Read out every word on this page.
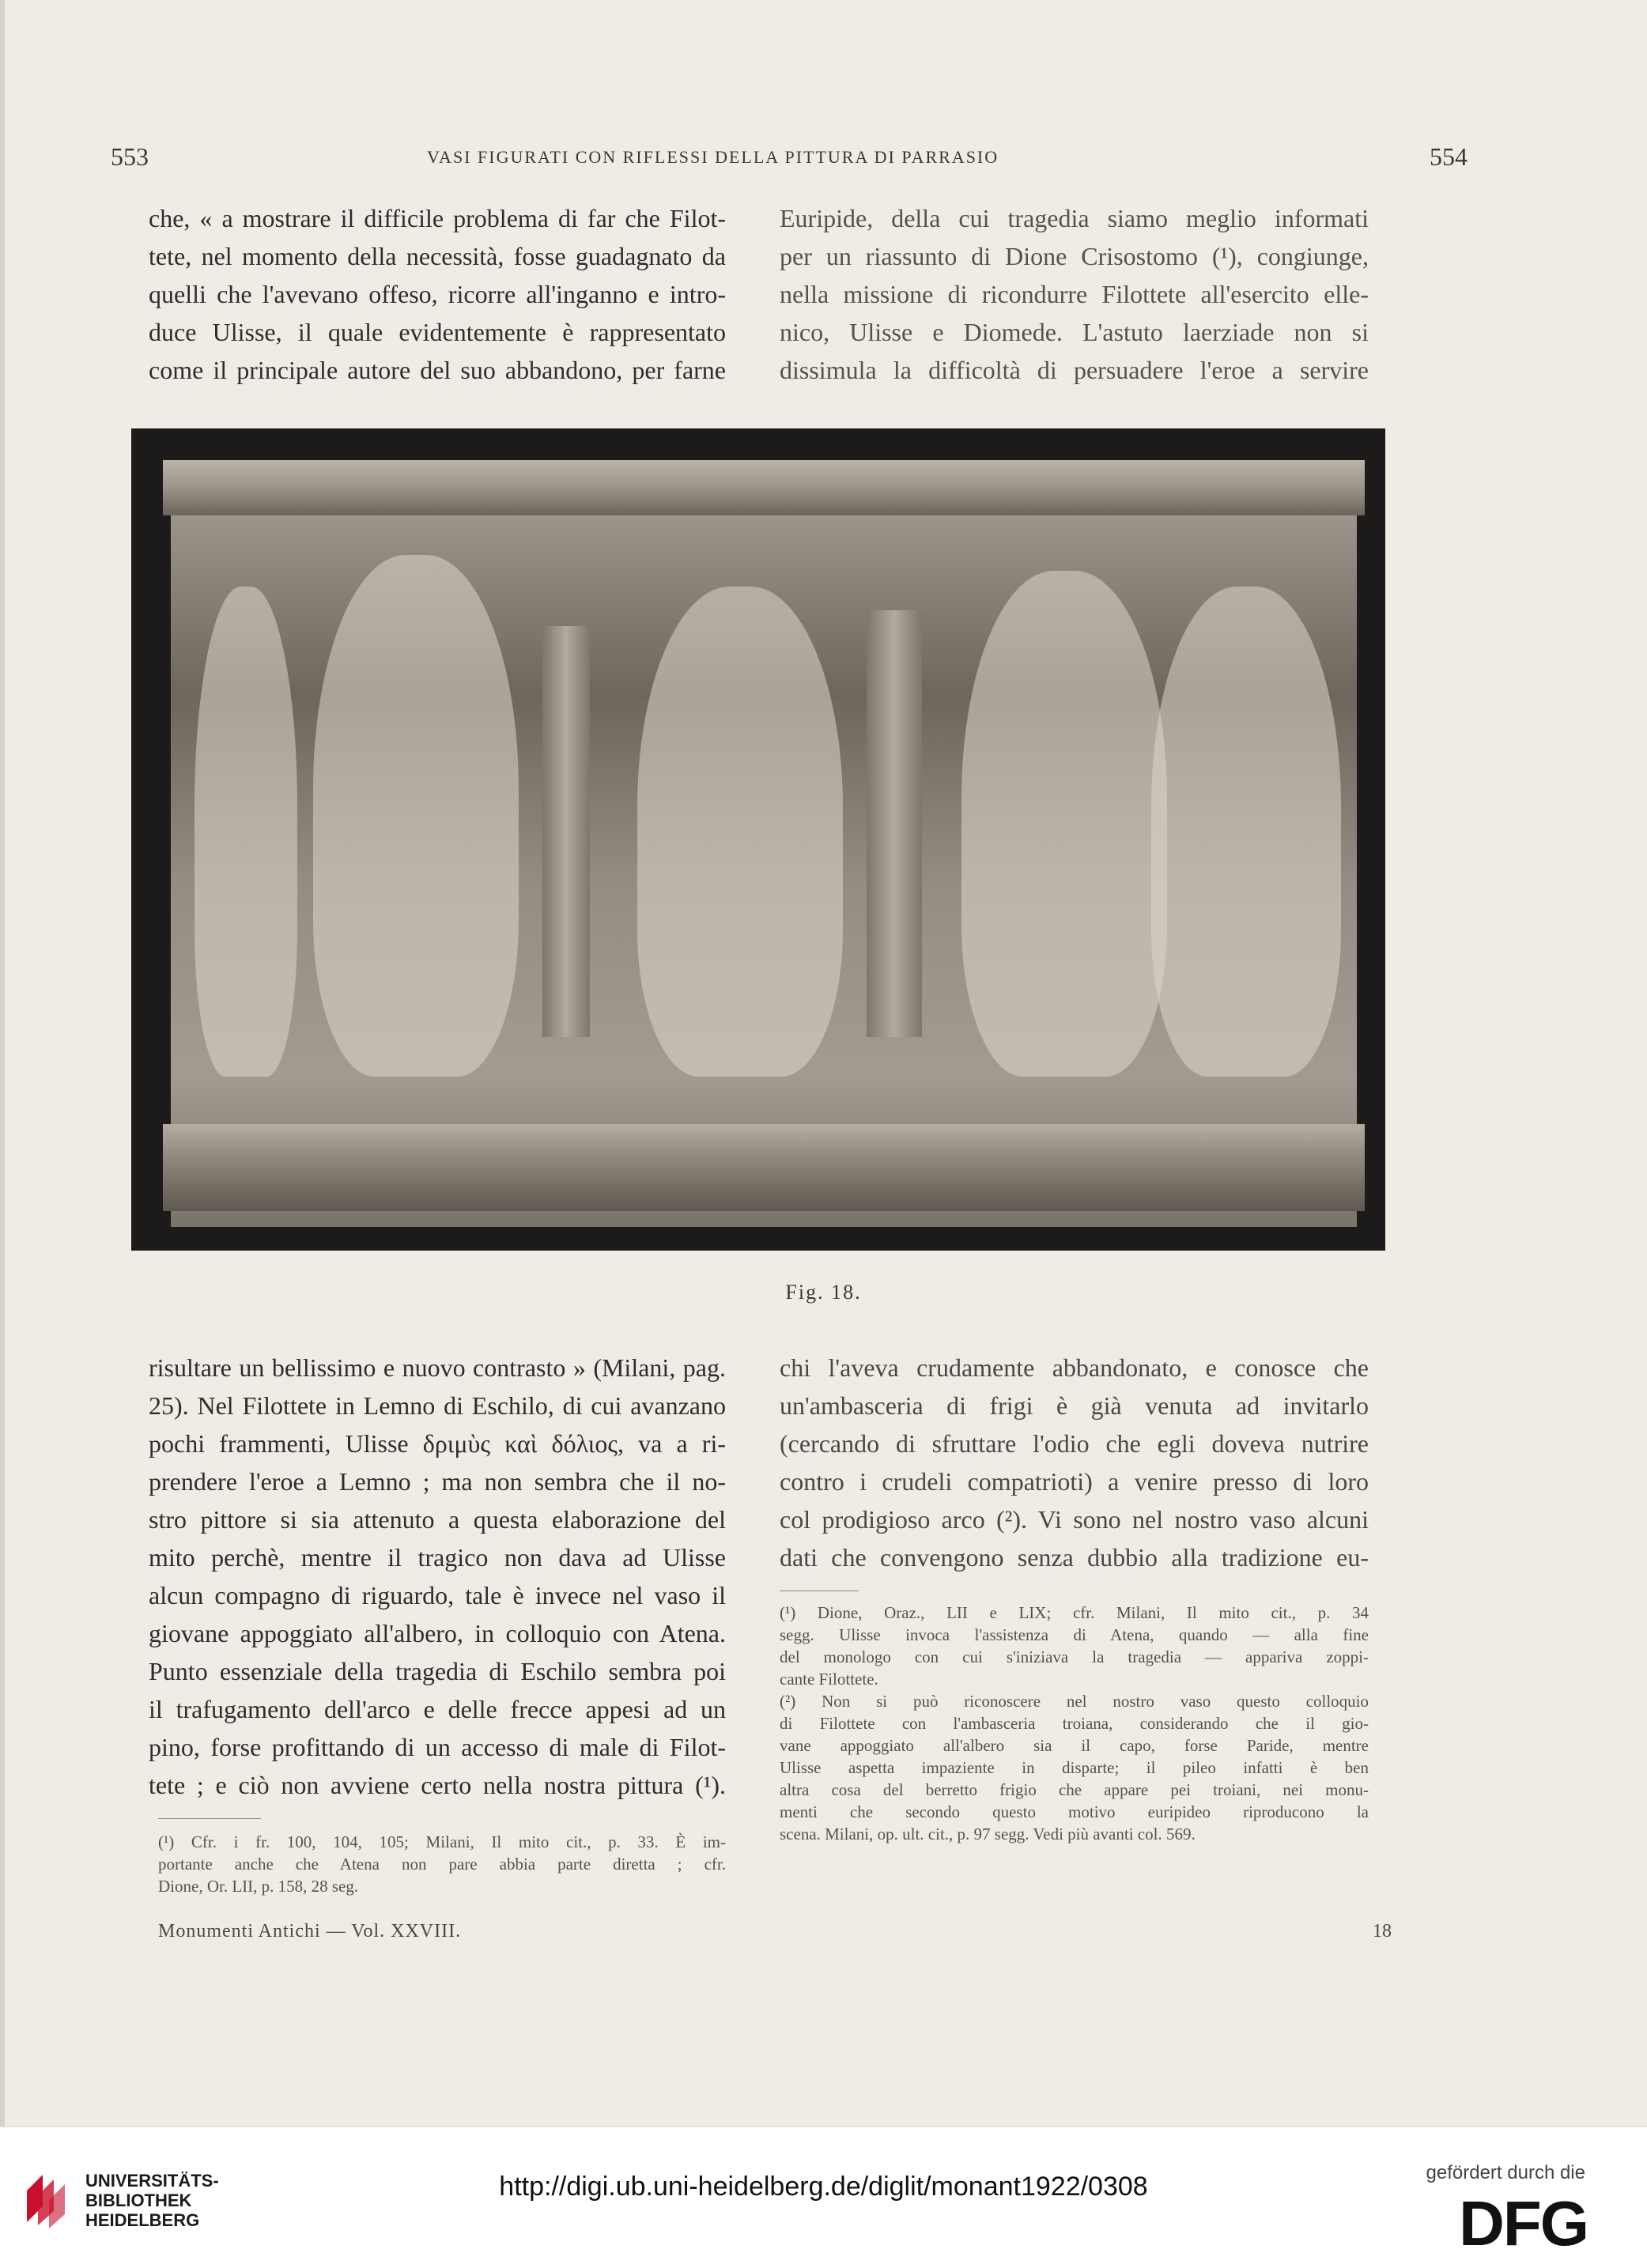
553	VASI FIGURATI CON RIFLESSI DELLA PITTURA DI PARRASIO	554
che, « a mostrare il difficile problema di far che Filot-
tete, nel momento della necessità, fosse guadagnato da
quelli che l'avevano offeso, ricorre all'inganno e intro-
duce Ulisse, il quale evidentemente è rappresentato
come il principale autore del suo abbandono, per farne
Euripide, della cui tragedia siamo meglio informati
per un riassunto di Dione Crisostomo (¹), congiunge,
nella missione di ricondurre Filottete all'esercito elle-
nico, Ulisse e Diomede. L'astuto laerziade non si
dissimula la difficoltà di persuadere l'eroe a servire
Fig. 18.
risultare un bellissimo e nuovo contrasto » (Milani, pag.
25). Nel Filottete in Lemno di Eschilo, di cui avanzano
pochi frammenti, Ulisse δριμὺς καὶ δόλιος, va a ri-
prendere l'eroe a Lemno ; ma non sembra che il no-
stro pittore si sia attenuto a questa elaborazione del
mito perchè, mentre il tragico non dava ad Ulisse
alcun compagno di riguardo, tale è invece nel vaso il
giovane appoggiato all'albero, in colloquio con Atena.
Punto essenziale della tragedia di Eschilo sembra poi
il trafugamento dell'arco e delle frecce appesi ad un
pino, forse profittando di un accesso di male di Filot-
tete ; e ciò non avviene certo nella nostra pittura (¹).
chi l'aveva crudamente abbandonato, e conosce che
un'ambasceria di frigi è già venuta ad invitarlo
(cercando di sfruttare l'odio che egli doveva nutrire
contro i crudeli compatrioti) a venire presso di loro
col prodigioso arco (²). Vi sono nel nostro vaso alcuni
dati che convengono senza dubbio alla tradizione eu-
(¹) Dione, Oraz., LII e LIX; cfr. Milani, Il mito cit., p. 34
segg. Ulisse invoca l'assistenza di Atena, quando — alla fine
del monologo con cui s'iniziava la tragedia — appariva zoppi-
cante Filottete.
(²) Non si può riconoscere nel nostro vaso questo colloquio
di Filottete con l'ambasceria troiana, considerando che il gio-
vane appoggiato all'albero sia il capo, forse Paride, mentre
Ulisse aspetta impaziente in disparte; il pileo infatti è ben
altra cosa del berretto frigio che appare pei troiani, nei monu-
menti che secondo questo motivo euripideo riproducono la
scena. Milani, op. ult. cit., p. 97 segg. Vedi più avanti col. 569.
(¹) Cfr. i fr. 100, 104, 105; Milani, Il mito cit., p. 33. È im-
portante anche che Atena non pare abbia parte diretta ; cfr.
Dione, Or. LII, p. 158, 28 seg.
Monumenti Antichi — Vol. XXVIII.	18
UNIVERSITÄTS-
BIBLIOTHEK
HEIDELBERG
http://digi.ub.uni-heidelberg.de/diglit/monant1922/0308	gefördert durch die
DFG
